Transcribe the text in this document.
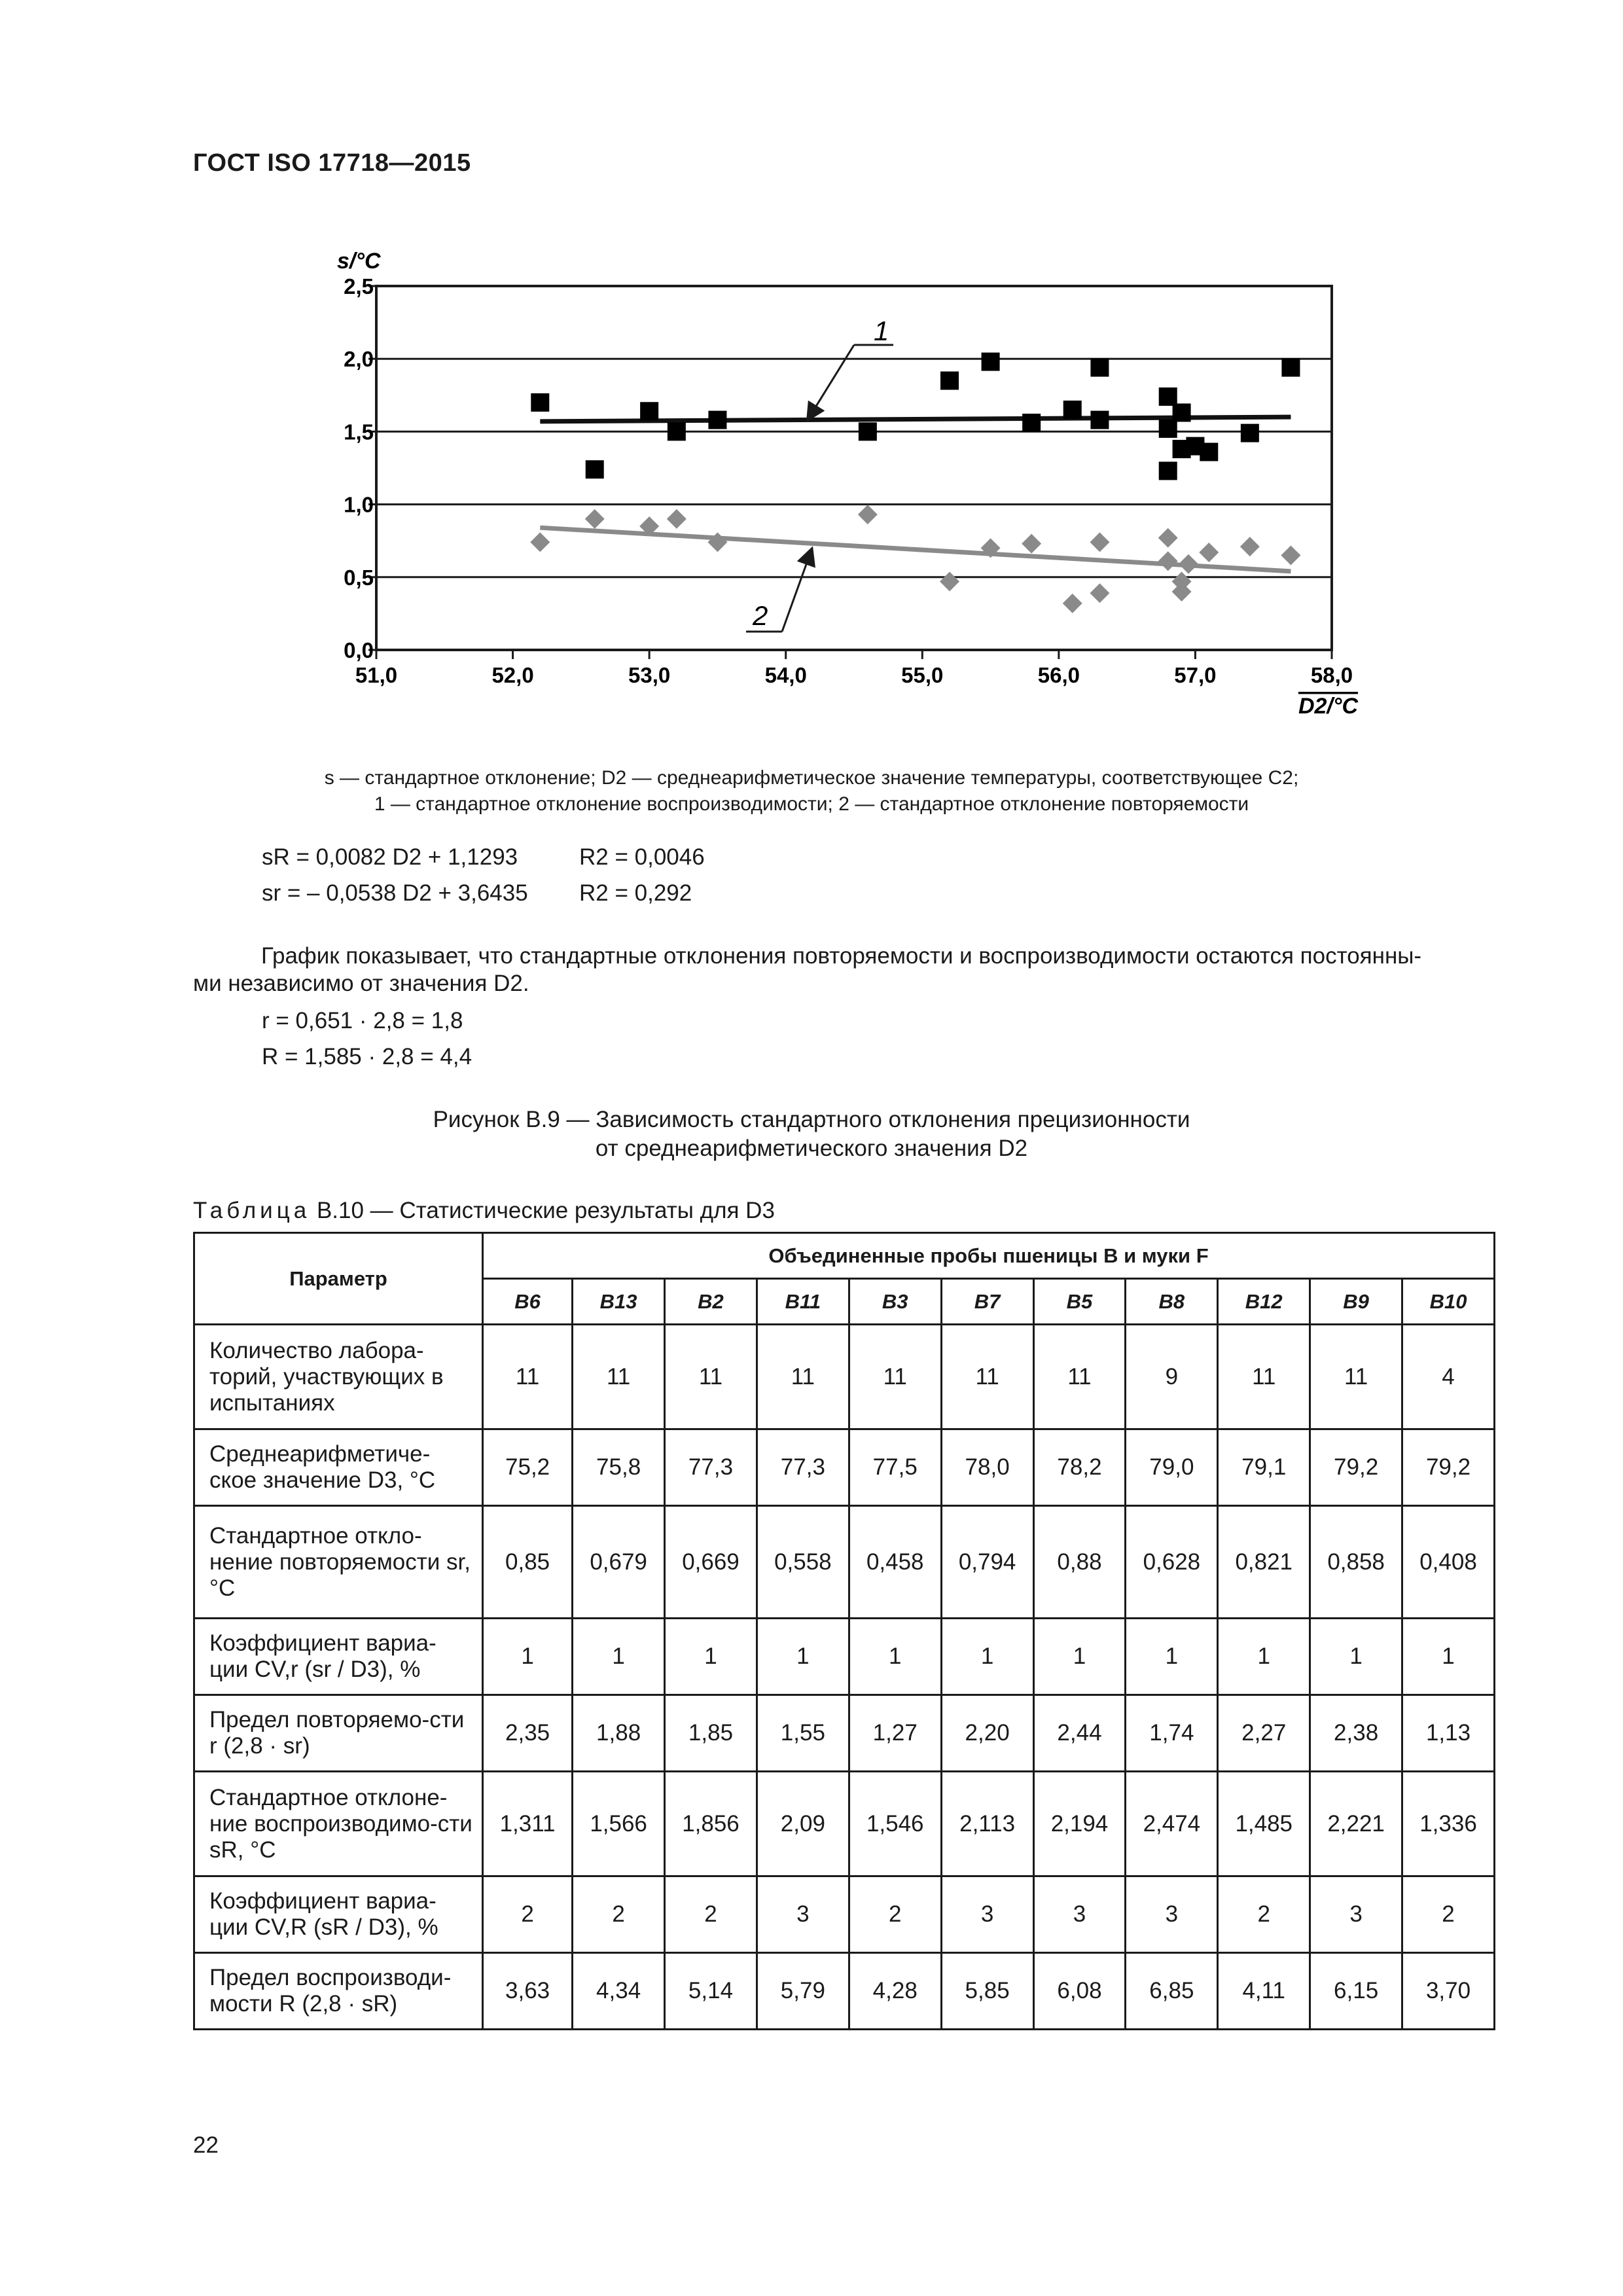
ГОСТ ISO 17718—2015
51,0	52,0	53,0	54,0	55,0	56,0	57,0	58,0
0,0
0,5
1,0
1,5
2,0
2,5
1
2
s/°C
D2/°C
s — стандартное отклонение; D2 — среднеарифметическое значение температуры, соответствующее C2;
1 — стандартное отклонение воспроизводимости; 2 — стандартное отклонение повторяемости
sR = 0,0082 D2 + 1,1293	R2 = 0,0046
sr = – 0,0538 D2 + 3,6435 R2 = 0,292
График показывает, что стандартные отклонения повторяемости и воспроизводимости остаются постоянны-
ми независимо от значения D2.
r = 0,651 · 2,8 = 1,8
R = 1,585 · 2,8 = 4,4
Рисунок B.9 — Зависимость стандартного отклонения прецизионности
от среднеарифметического значения D2
Таблица B.10 — Статистические результаты для D3
Параметр	Объединенные пробы пшеницы B и муки F										
	B6	B13	B2	B11	B3	B7	B5	B8	B12	B9	B10
Количество лабора-торий, участвующих в испытаниях	11	11	11	11	11	11	11	9	11	11	4
Среднеарифметиче-ское значение D3, °С	75,2	75,8	77,3	77,3	77,5	78,0	78,2	79,0	79,1	79,2	79,2
Стандартное откло-нение повторяемости sr, °С	0,85	0,679	0,669	0,558	0,458	0,794	0,88	0,628	0,821	0,858	0,408
Коэффициент вариа-ции CV,r (sr / D3), %	1	1	1	1	1	1	1	1	1	1	1
Предел повторяемо-сти r (2,8 · sr)	2,35	1,88	1,85	1,55	1,27	2,20	2,44	1,74	2,27	2,38	1,13
Стандартное отклоне-ние воспроизводимо-сти sR, °С	1,311	1,566	1,856	2,09	1,546	2,113	2,194	2,474	1,485	2,221	1,336
Коэффициент вариа-ции CV,R (sR / D3), %	2	2	2	3	2	3	3	3	2	3	2
Предел воспроизводи-мости R (2,8 · sR)	3,63	4,34	5,14	5,79	4,28	5,85	6,08	6,85	4,11	6,15	3,70
22
